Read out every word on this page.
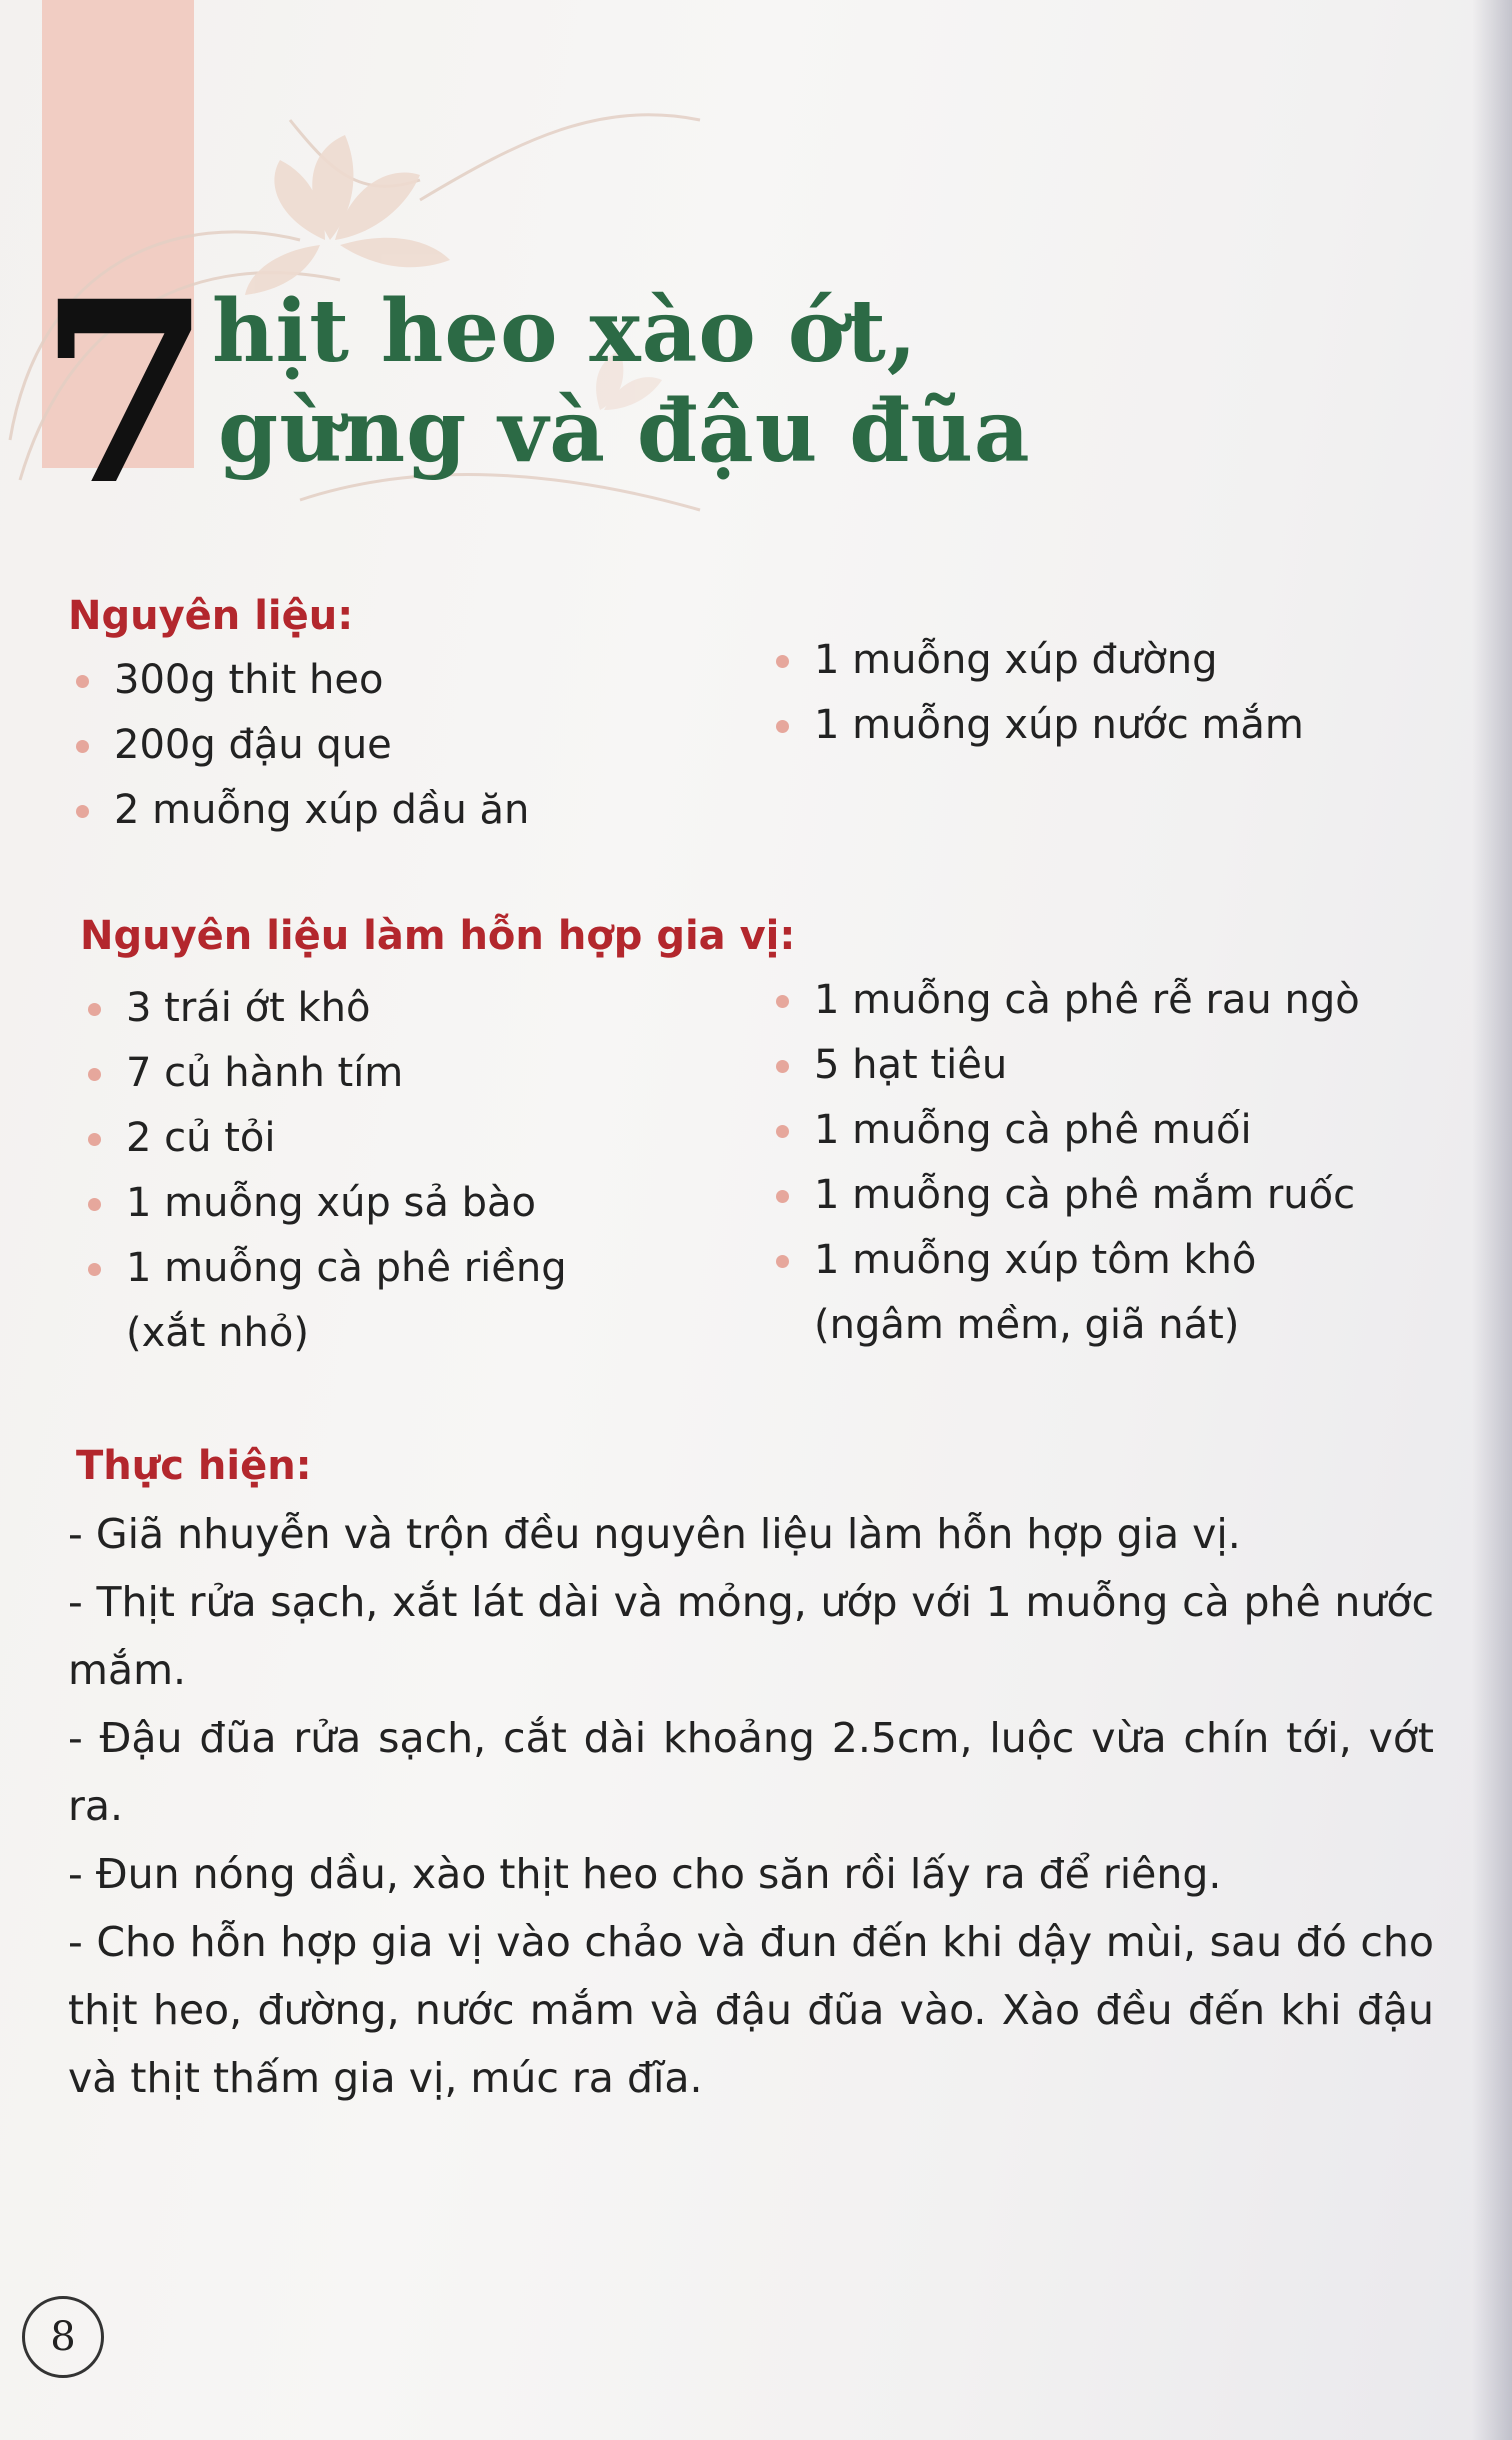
7 hịt heo xào ớt,
gừng và đậu đũa
Nguyên liệu:
300g thit heo
200g đậu que
2 muỗng xúp dầu ăn
1 muỗng xúp đường
1 muỗng xúp nước mắm
Nguyên liệu làm hỗn hợp gia vị:
3 trái ớt khô
7 củ hành tím
2 củ tỏi
1 muỗng xúp sả bào
1 muỗng cà phê riềng
(xắt nhỏ)
1 muỗng cà phê rễ rau ngò
5 hạt tiêu
1 muỗng cà phê muối
1 muỗng cà phê mắm ruốc
1 muỗng xúp tôm khô
(ngâm mềm, giã nát)
Thực hiện:

- Giã nhuyễn và trộn đều nguyên liệu làm hỗn hợp gia vị.

- Thịt rửa sạch, xắt lát dài và mỏng, ướp với 1 muỗng cà phê nước mắm.

- Đậu đũa rửa sạch, cắt dài khoảng 2.5cm, luộc vừa chín tới, vớt ra.

- Đun nóng dầu, xào thịt heo cho săn rồi lấy ra để riêng.

- Cho hỗn hợp gia vị vào chảo và đun đến khi dậy mùi, sau đó cho thịt heo, đường, nước mắm và đậu đũa vào. Xào đều đến khi đậu và thịt thấm gia vị, múc ra đĩa.

8
